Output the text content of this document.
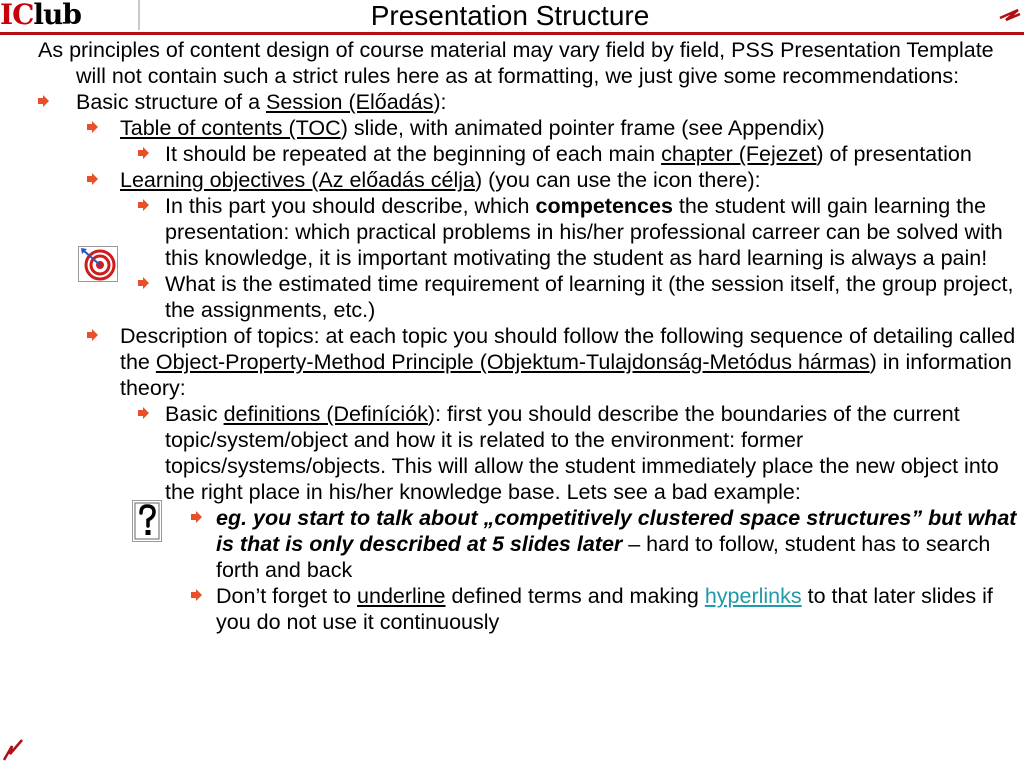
IC lub	Presentation Structure
As principles of content design of course material may vary field by field, PSS Presentation Template will not contain such a strict rules here as at formatting, we just give some recommendations:
Basic structure of a Session (Előadás):
Table of contents (TOC) slide, with animated pointer frame (see Appendix)
It should be repeated at the beginning of each main chapter (Fejezet) of presentation
Learning objectives (Az előadás célja) (you can use the icon there):
In this part you should describe, which competences the student will gain learning the presentation: which practical problems in his/her professional carreer can be solved with this knowledge, it is important motivating the student as hard learning is always a pain!
What is the estimated time requirement of learning it (the session itself, the group project, the assignments, etc.)
Description of topics: at each topic you should follow the following sequence of detailing called the Object-Property-Method Principle (Objektum-Tulajdonság-Metódus hármas) in information theory:
Basic definitions (Definíciók): first you should describe the boundaries of the current topic/system/object and how it is related to the environment: former topics/systems/objects. This will allow the student immediately place the new object into the right place in his/her knowledge base. Lets see a bad example:
eg. you start to talk about „competitively clustered space structures” but what is that is only described at 5 slides later – hard to follow, student has to search forth and back
Don’t forget to underline defined terms and making hyperlinks to that later slides if you do not use it continuously
